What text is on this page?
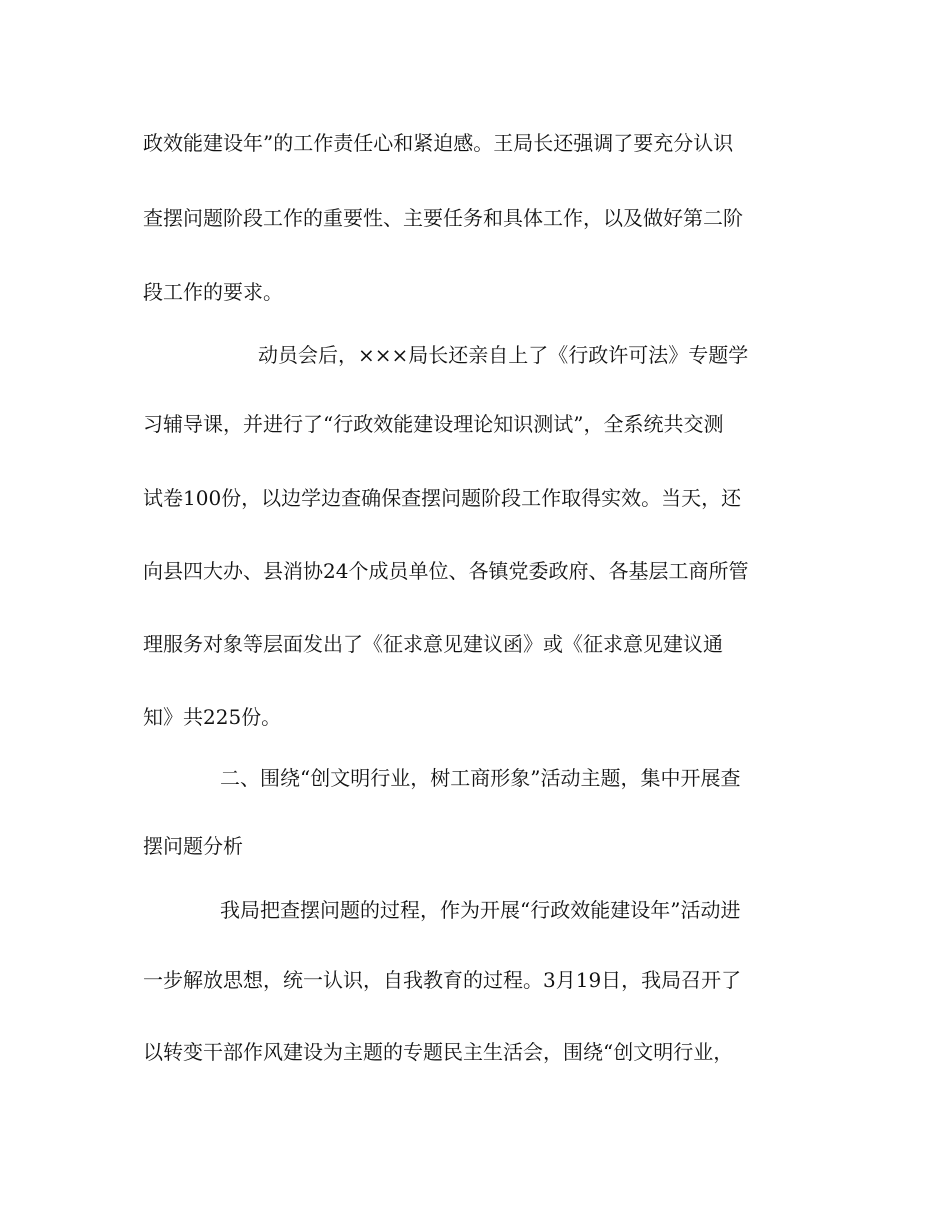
政效能建设年”的工作责任心和紧迫感。王局长还强调了要充分认识
查摆问题阶段工作的重要性、主要任务和具体工作，以及做好第二阶
段工作的要求。
动员会后，×××局长还亲自上了《行政许可法》专题学
习辅导课，并进行了“行政效能建设理论知识测试”，全系统共交测
试卷100份，以边学边查确保查摆问题阶段工作取得实效。当天，还
向县四大办、县消协24个成员单位、各镇党委政府、各基层工商所管
理服务对象等层面发出了《征求意见建议函》或《征求意见建议通
知》共225份。
二、围绕“创文明行业，树工商形象”活动主题，集中开展查
摆问题分析
我局把查摆问题的过程，作为开展“行政效能建设年”活动进
一步解放思想，统一认识，自我教育的过程。3月19日，我局召开了
以转变干部作风建设为主题的专题民主生活会，围绕“创文明行业，
